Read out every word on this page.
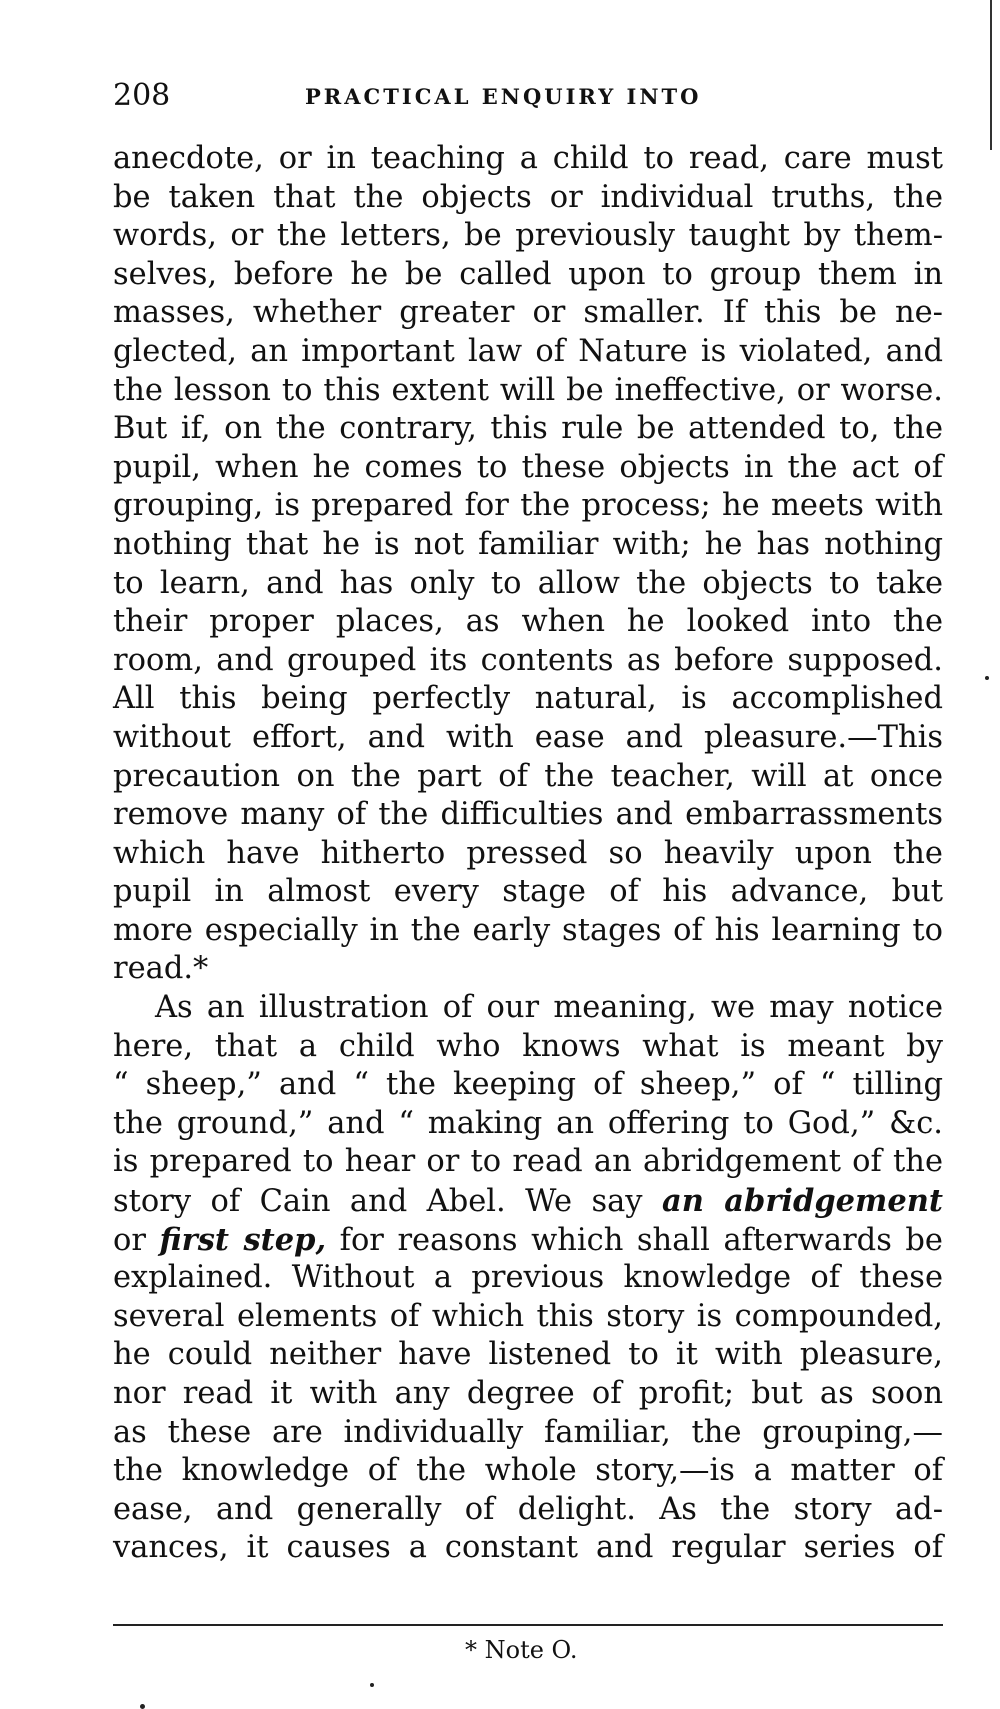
208	PRACTICAL ENQUIRY INTO
anecdote, or in teaching a child to read, care must
be taken that the objects or individual truths, the
words, or the letters, be previously taught by them-
selves, before he be called upon to group them in
masses, whether greater or smaller. If this be ne-
glected, an important law of Nature is violated, and
the lesson to this extent will be ineffective, or worse.
But if, on the contrary, this rule be attended to, the
pupil, when he comes to these objects in the act of
grouping, is prepared for the process; he meets with
nothing that he is not familiar with; he has nothing
to learn, and has only to allow the objects to take
their proper places, as when he looked into the
room, and grouped its contents as before supposed.
All this being perfectly natural, is accomplished
without effort, and with ease and pleasure.—This
precaution on the part of the teacher, will at once
remove many of the difficulties and embarrassments
which have hitherto pressed so heavily upon the
pupil in almost every stage of his advance, but
more especially in the early stages of his learning to
read.*
As an illustration of our meaning, we may notice
here, that a child who knows what is meant by
“ sheep,” and “ the keeping of sheep,” of “ tilling
the ground,” and “ making an offering to God,” &c.
is prepared to hear or to read an abridgement of the
story of Cain and Abel. We say an abridgement
or first step, for reasons which shall afterwards be
explained. Without a previous knowledge of these
several elements of which this story is compounded,
he could neither have listened to it with pleasure,
nor read it with any degree of profit; but as soon
as these are individually familiar, the grouping,—
the knowledge of the whole story,—is a matter of
ease, and generally of delight. As the story ad-
vances, it causes a constant and regular series of
* Note O.
